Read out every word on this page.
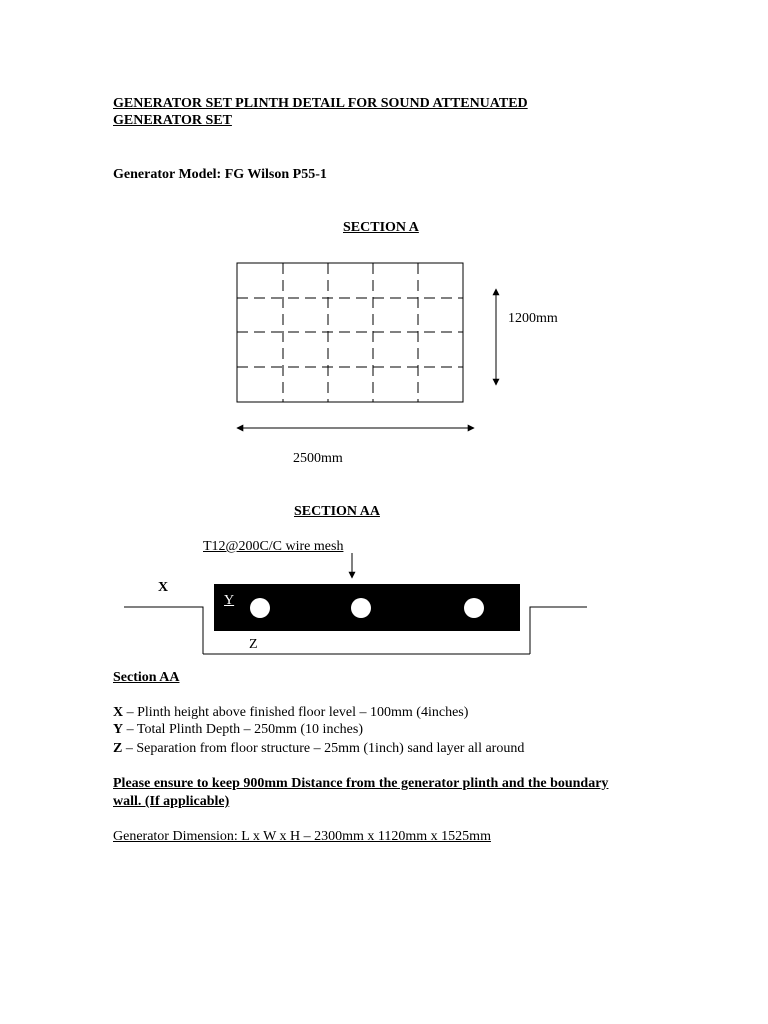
GENERATOR SET PLINTH DETAIL FOR SOUND ATTENUATED
GENERATOR SET
Generator Model: FG Wilson P55-1
SECTION A
1200mm
2500mm
SECTION AA
T12@200C/C wire mesh
X
Y
Z
Section AA
X – Plinth height above finished floor level – 100mm (4inches)
Y – Total Plinth Depth – 250mm (10 inches)
Z – Separation from floor structure – 25mm (1inch) sand layer all around
Please ensure to keep 900mm Distance from the generator plinth and the boundary
wall. (If applicable)
Generator Dimension: L x W x H – 2300mm x 1120mm x 1525mm
